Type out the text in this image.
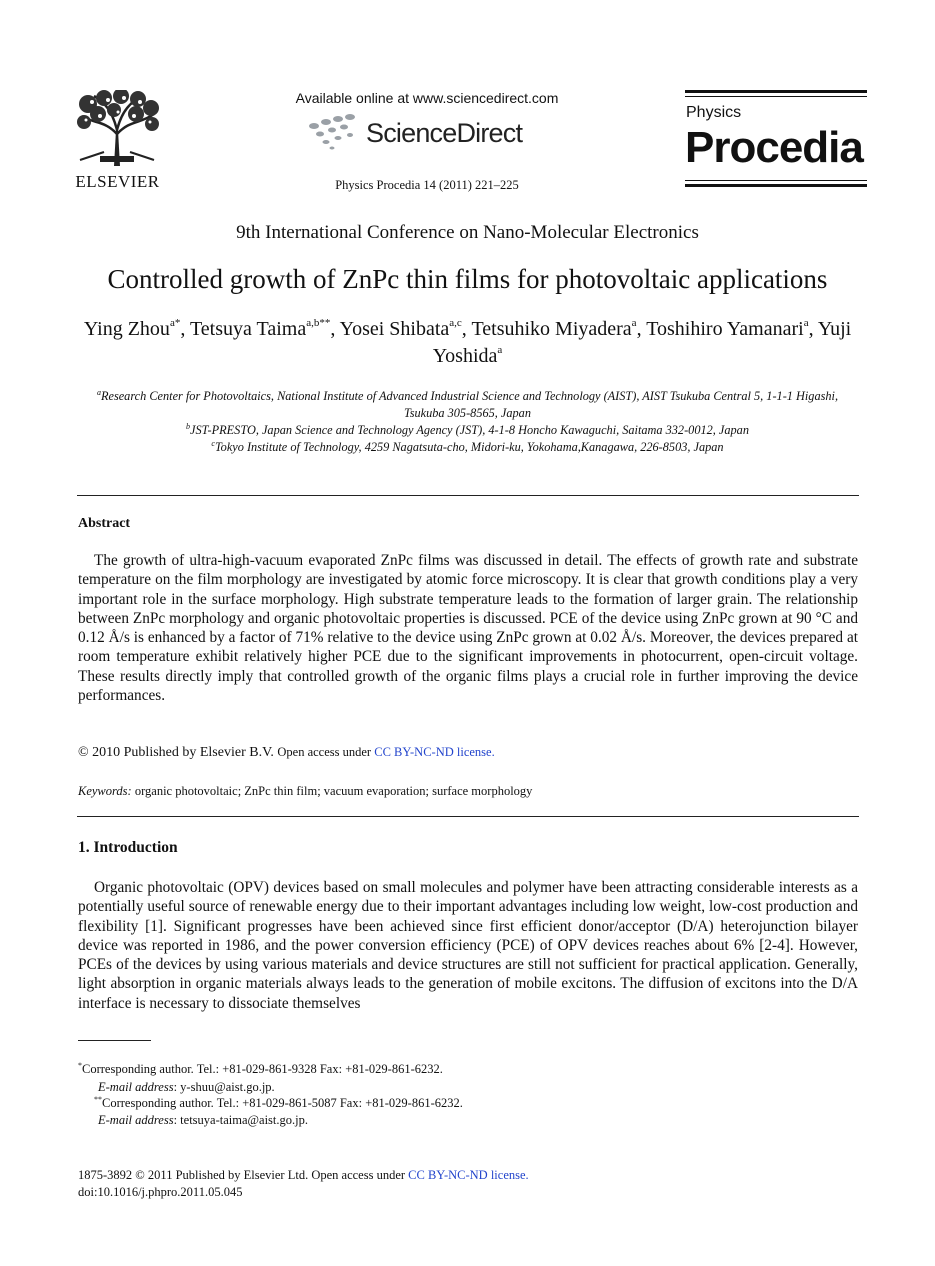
ELSEVIER
Available online at www.sciencedirect.com
ScienceDirect
Physics Procedia 14 (2011) 221–225
Physics
Procedia
9th International Conference on Nano-Molecular Electronics
Controlled growth of ZnPc thin films for photovoltaic applications
Ying Zhou$^{a*}$, Tetsuya Taima$^{a,b**}$, Yosei Shibata$^{a,c}$, Tetsuhiko Miyadera$^a$, Toshihiro Yamanari$^a$, Yuji Yoshida$^a$
$^a$Research Center for Photovoltaics, National Institute of Advanced Industrial Science and Technology (AIST), AIST Tsukuba Central 5, 1-1-1 Higashi, Tsukuba 305-8565, Japan
$^b$JST-PRESTO, Japan Science and Technology Agency (JST), 4-1-8 Honcho Kawaguchi, Saitama 332-0012, Japan
$^c$Tokyo Institute of Technology, 4259 Nagatsuta-cho, Midori-ku, Yokohama,Kanagawa, 226-8503, Japan
Abstract
The growth of ultra-high-vacuum evaporated ZnPc films was discussed in detail. The effects of growth rate and substrate temperature on the film morphology are investigated by atomic force microscopy. It is clear that growth conditions play a very important role in the surface morphology. High substrate temperature leads to the formation of larger grain. The relationship between ZnPc morphology and organic photovoltaic properties is discussed. PCE of the device using ZnPc grown at 90 °C and 0.12 Å/s is enhanced by a factor of 71% relative to the device using ZnPc grown at 0.02 Å/s. Moreover, the devices prepared at room temperature exhibit relatively higher PCE due to the significant improvements in photocurrent, open-circuit voltage. These results directly imply that controlled growth of the organic films plays a crucial role in further improving the device performances.
© 2010 Published by Elsevier B.V. Open access under CC BY-NC-ND license.
Keywords: organic photovoltaic; ZnPc thin film; vacuum evaporation; surface morphology
1. Introduction
Organic photovoltaic (OPV) devices based on small molecules and polymer have been attracting considerable interests as a potentially useful source of renewable energy due to their important advantages including low weight, low-cost production and flexibility [1]. Significant progresses have been achieved since first efficient donor/acceptor (D/A) heterojunction bilayer device was reported in 1986, and the power conversion efficiency (PCE) of OPV devices reaches about 6% [2-4]. However, PCEs of the devices by using various materials and device structures are still not sufficient for practical application. Generally, light absorption in organic materials always leads to the generation of mobile excitons. The diffusion of excitons into the D/A interface is necessary to dissociate themselves
*Corresponding author. Tel.: +81-029-861-9328 Fax: +81-029-861-6232.
E-mail address: y-shuu@aist.go.jp.
**Corresponding author. Tel.: +81-029-861-5087 Fax: +81-029-861-6232.
E-mail address: tetsuya-taima@aist.go.jp.
1875-3892 © 2011 Published by Elsevier Ltd. Open access under CC BY-NC-ND license.
doi:10.1016/j.phpro.2011.05.045
